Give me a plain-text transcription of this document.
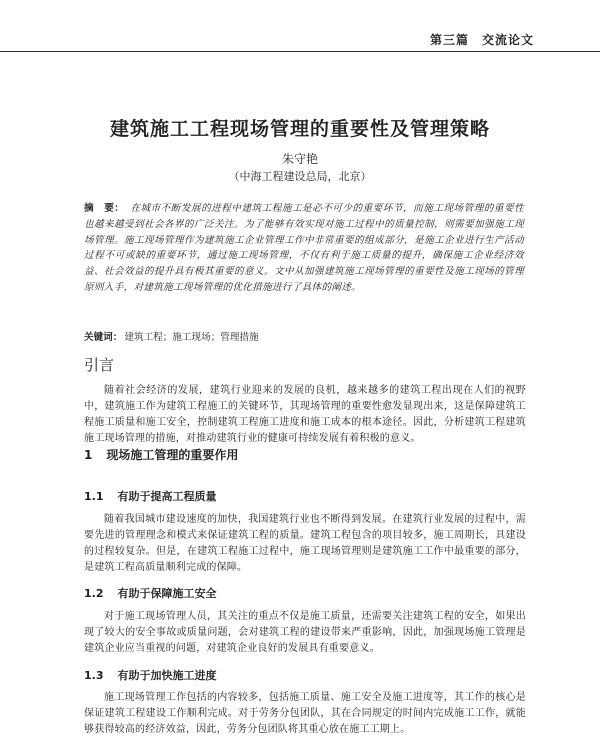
第三篇　交流论文
建筑施工工程现场管理的重要性及管理策略
朱守艳
（中海工程建设总局，北京）
摘　要： 在城市不断发展的进程中建筑工程施工是必不可少的重要环节，而施工现场管理的重要性也越来越受到社会各界的广泛关注。为了能够有效实现对施工过程中的质量控制，则需要加强施工现场管理。施工现场管理作为建筑施工企业管理工作中非常重要的组成部分，是施工企业进行生产活动过程不可或缺的重要环节，通过施工现场管理，不仅有利于施工质量的提升，确保施工企业经济效益、社会效益的提升具有极其重要的意义。文中从加强建筑施工现场管理的重要性及施工现场的管理原则入手，对建筑施工现场管理的优化措施进行了具体的阐述。
关键词： 建筑工程；施工现场；管理措施
引言
随着社会经济的发展，建筑行业迎来的发展的良机，越来越多的建筑工程出现在人们的视野中，建筑施工作为建筑工程施工的关键环节，其现场管理的重要性愈发显现出来，这是保障建筑工程施工质量和施工安全，控制建筑工程施工进度和施工成本的根本途径。因此，分析建筑工程建筑施工现场管理的措施，对推动建筑行业的健康可持续发展有着积极的意义。
1 现场施工管理的重要作用
1.1 有助于提高工程质量
随着我国城市建设速度的加快，我国建筑行业也不断得到发展。在建筑行业发展的过程中，需要先进的管理理念和模式来保证建筑工程的质量。建筑工程包含的项目较多，施工周期长，具建设的过程较复杂。但是，在建筑工程施工过程中，施工现场管理则是建筑施工工作中最重要的部分，是建筑工程高质量顺利完成的保障。
1.2 有助于保障施工安全
对于施工现场管理人员，其关注的重点不仅是施工质量，还需要关注建筑工程的安全，如果出现了较大的安全事故或质量问题，会对建筑工程的建设带来严重影响，因此，加强现场施工管理是建筑企业应当重视的问题，对建筑企业良好的发展具有重要意义。
1.3 有助于加快施工进度
施工现场管理工作包括的内容较多，包括施工质量、施工安全及施工进度等，其工作的核心是保证建筑工程建设工作顺利完成。对于劳务分包团队，其在合同规定的时间内完成施工工作，就能够获得较高的经济效益，因此，劳务分包团队将其重心放在施工工期上。
